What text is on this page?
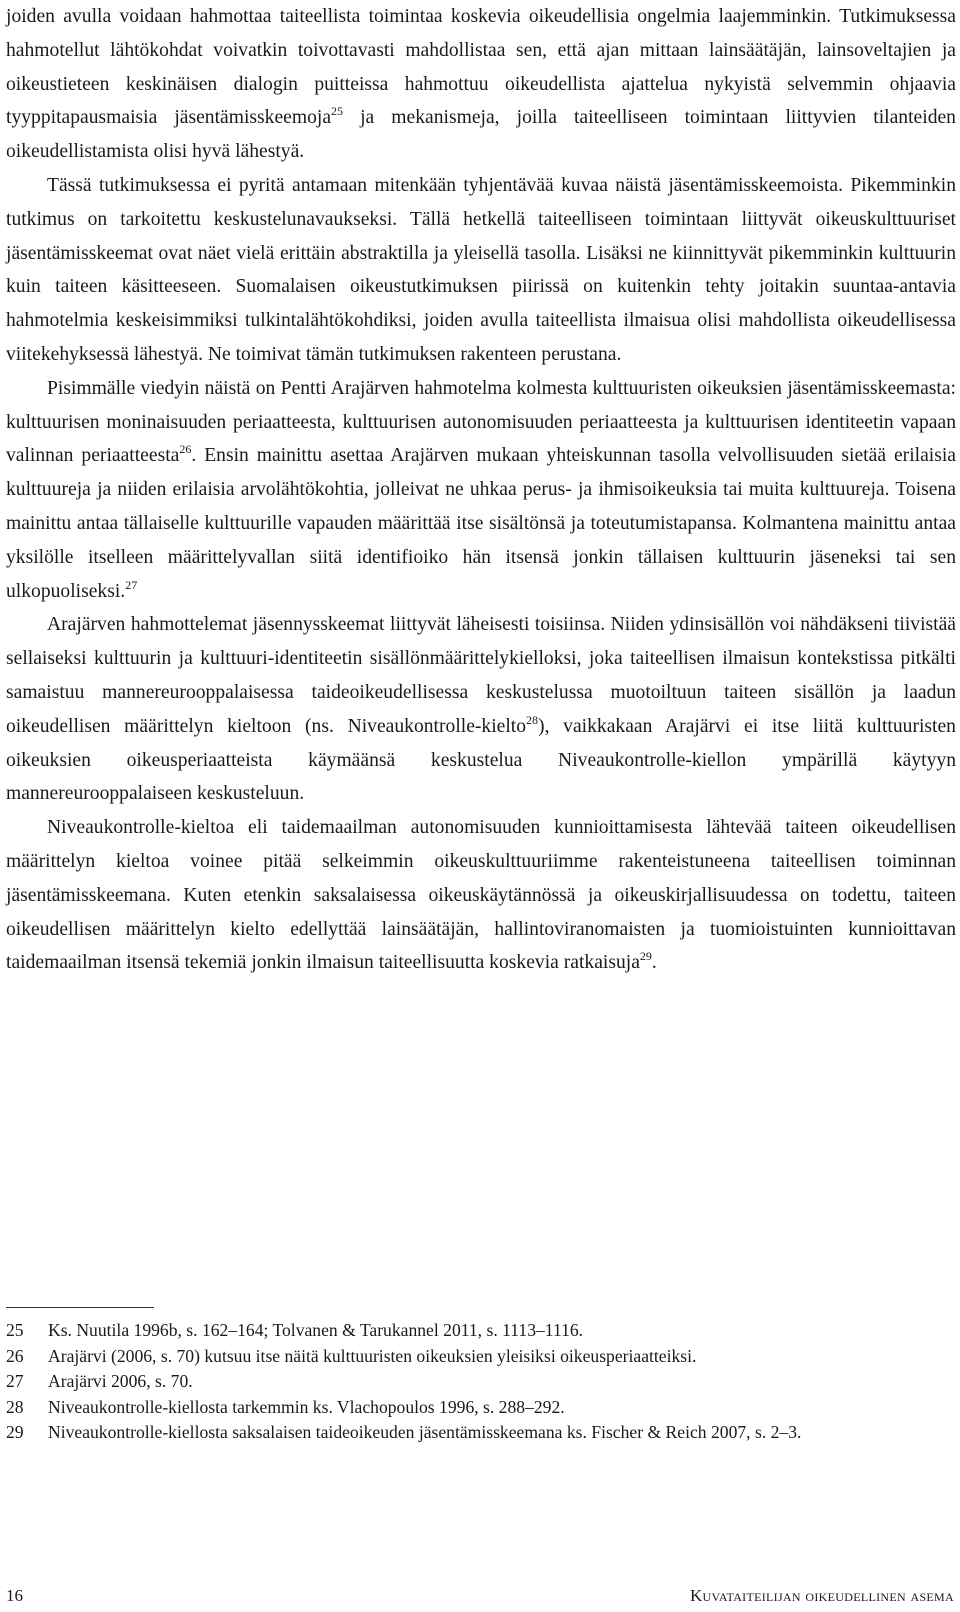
joiden avulla voidaan hahmottaa taiteellista toimintaa koskevia oikeudellisia ongelmia laajemminkin. Tutkimuksessa hahmotellut lähtökohdat voivatkin toivottavasti mahdollistaa sen, että ajan mittaan lainsäätäjän, lainsoveltajien ja oikeustieteen keskinäisen dialogin puitteissa hahmottuu oikeudellista ajattelua nykyistä selvemmin ohjaavia tyyppitapausmaisia jäsentämisskeemoja$^{25}$ ja mekanismeja, joilla taiteelliseen toimintaan liittyvien tilanteiden oikeudellistamista olisi hyvä lähestyä.

Tässä tutkimuksessa ei pyritä antamaan mitenkään tyhjentävää kuvaa näistä jäsentämisskeemoista. Pikemminkin tutkimus on tarkoitettu keskustelunavaukseksi. Tällä hetkellä taiteelliseen toimintaan liittyvät oikeuskulttuuriset jäsentämisskeemat ovat näet vielä erittäin abstraktilla ja yleisellä tasolla. Lisäksi ne kiinnittyvät pikemminkin kulttuurin kuin taiteen käsitteeseen. Suomalaisen oikeustutkimuksen piirissä on kuitenkin tehty joitakin suuntaa-antavia hahmotelmia keskeisimmiksi tulkintalähtökohdiksi, joiden avulla taiteellista ilmaisua olisi mahdollista oikeudellisessa viitekehyksessä lähestyä. Ne toimivat tämän tutkimuksen rakenteen perustana.

Pisimmälle viedyin näistä on Pentti Arajärven hahmotelma kolmesta kulttuuristen oikeuksien jäsentämisskeemasta: kulttuurisen moninaisuuden periaatteesta, kulttuurisen autonomisuuden periaatteesta ja kulttuurisen identiteetin vapaan valinnan periaatteesta$^{26}$. Ensin mainittu asettaa Arajärven mukaan yhteiskunnan tasolla velvollisuuden sietää erilaisia kulttuureja ja niiden erilaisia arvolähtökohtia, jolleivat ne uhkaa perus- ja ihmisoikeuksia tai muita kulttuureja. Toisena mainittu antaa tällaiselle kulttuurille vapauden määrittää itse sisältönsä ja toteutumistapansa. Kolmantena mainittu antaa yksilölle itselleen määrittelyvallan siitä identifioiko hän itsensä jonkin tällaisen kulttuurin jäseneksi tai sen ulkopuoliseksi.$^{27}$

Arajärven hahmottelemat jäsennysskeemat liittyvät läheisesti toisiinsa. Niiden ydinsisällön voi nähdäkseni tiivistää sellaiseksi kulttuurin ja kulttuuri-identiteetin sisällönmäärittelykielloksi, joka taiteellisen ilmaisun kontekstissa pitkälti samaistuu mannereurooppalaisessa taideoikeudellisessa keskustelussa muotoiltuun taiteen sisällön ja laadun oikeudellisen määrittelyn kieltoon (ns. Niveaukontrolle-kielto$^{28}$), vaikkakaan Arajärvi ei itse liitä kulttuuristen oikeuksien oikeusperiaatteista käymäänsä keskustelua Niveaukontrolle-kiellon ympärillä käytyyn mannereurooppalaiseen keskusteluun.

Niveaukontrolle-kieltoa eli taidemaailman autonomisuuden kunnioittamisesta lähtevää taiteen oikeudellisen määrittelyn kieltoa voinee pitää selkeimmin oikeuskulttuuriimme rakenteistuneena taiteellisen toiminnan jäsentämisskeemana. Kuten etenkin saksalaisessa oikeuskäytännössä ja oikeuskirjallisuudessa on todettu, taiteen oikeudellisen määrittelyn kielto edellyttää lainsäätäjän, hallintoviranomaisten ja tuomioistuinten kunnioittavan taidemaailman itsensä tekemiä jonkin ilmaisun taiteellisuutta koskevia ratkaisuja$^{29}$.

25	Ks. Nuutila 1996b, s. 162–164; Tolvanen & Tarukannel 2011, s. 1113–1116.
26	Arajärvi (2006, s. 70) kutsuu itse näitä kulttuuristen oikeuksien yleisiksi oikeusperiaatteiksi.
27	Arajärvi 2006, s. 70.
28	Niveaukontrolle-kiellosta tarkemmin ks. Vlachopoulos 1996, s. 288–292.
29	Niveaukontrolle-kiellosta saksalaisen taideoikeuden jäsentämisskeemana ks. Fischer & Reich 2007, s. 2–3.
16	Kuvataiteilijan oikeudellinen asema
